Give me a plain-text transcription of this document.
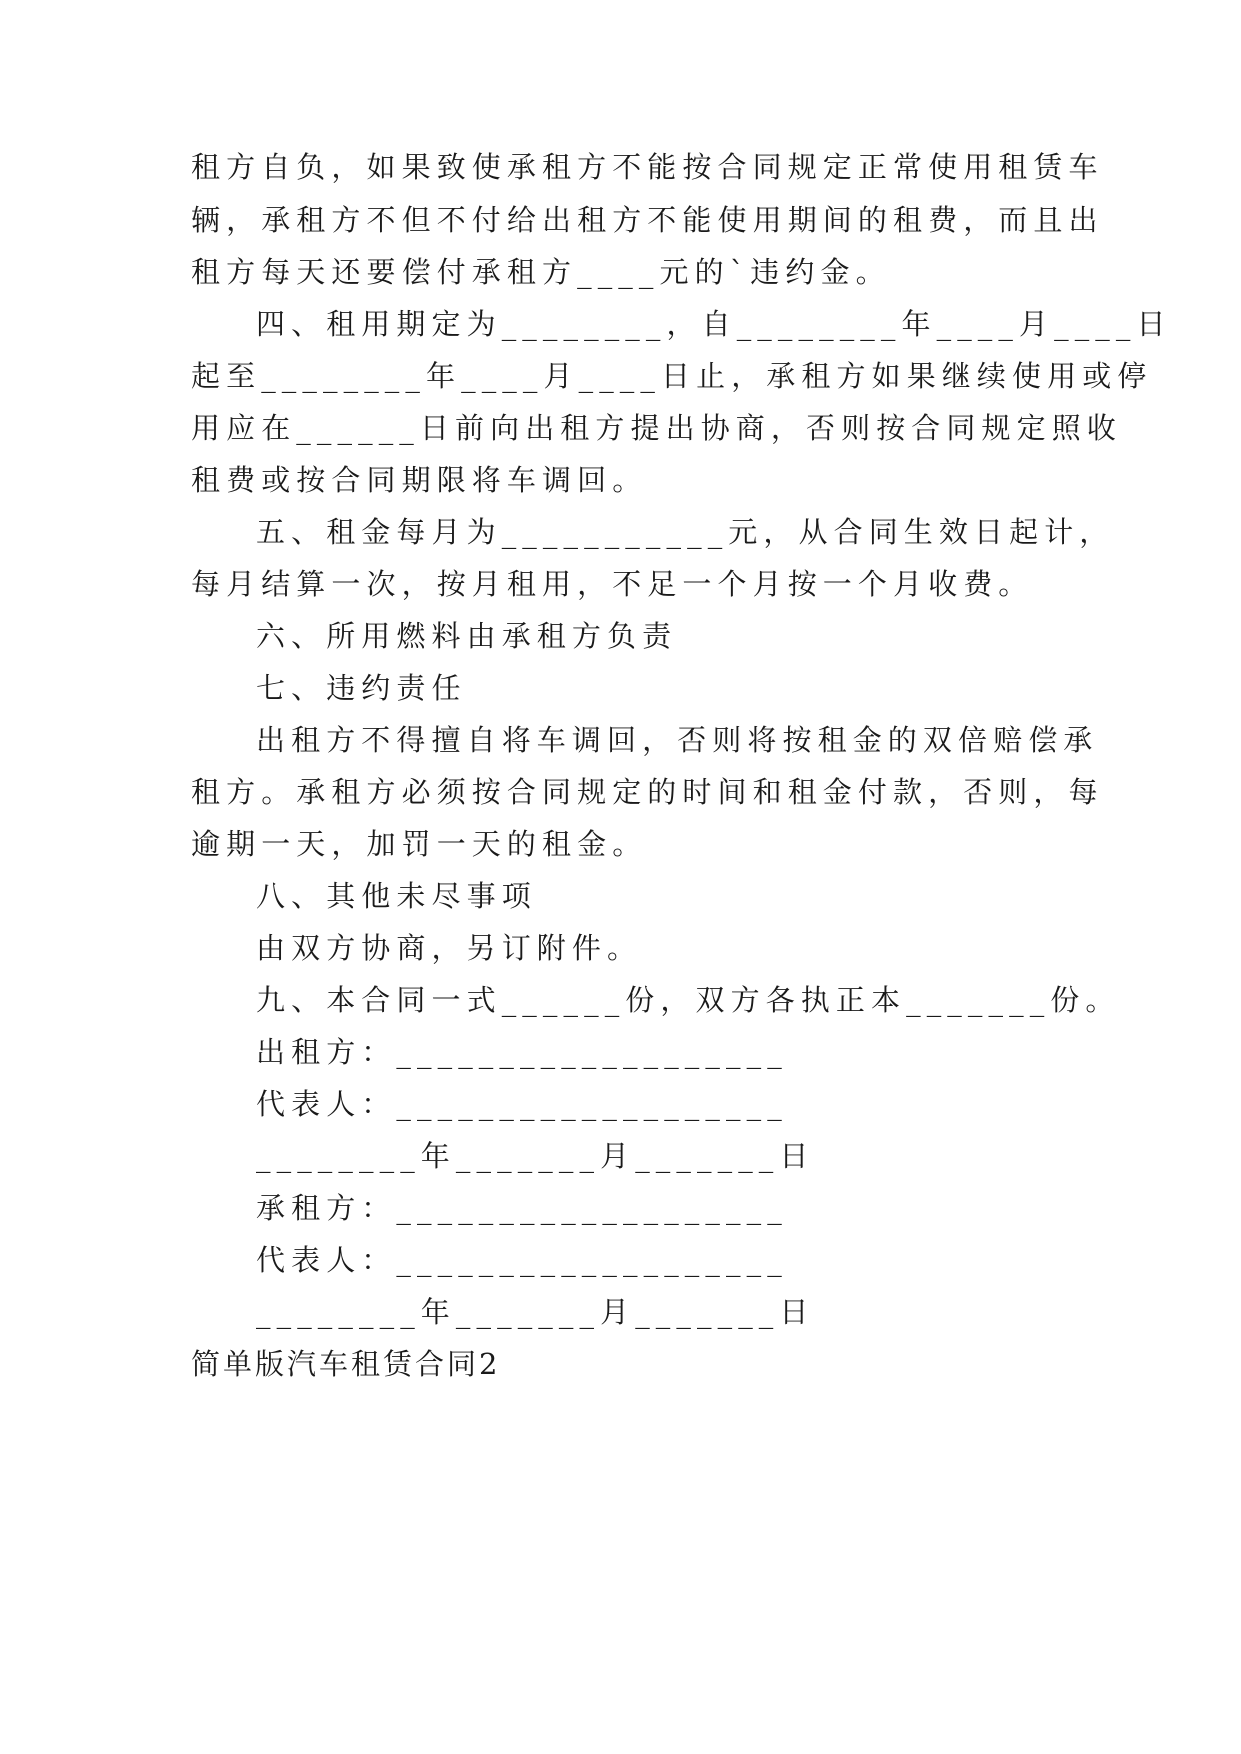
租方自负，如果致使承租方不能按合同规定正常使用租赁车
辆，承租方不但不付给出租方不能使用期间的租费，而且出
租方每天还要偿付承租方____元的`违约金。
四、租用期定为________，自________年____月____日
起至________年____月____日止，承租方如果继续使用或停
用应在______日前向出租方提出协商，否则按合同规定照收
租费或按合同期限将车调回。
五、租金每月为___________元，从合同生效日起计，
每月结算一次，按月租用，不足一个月按一个月收费。
六、所用燃料由承租方负责
七、违约责任
出租方不得擅自将车调回，否则将按租金的双倍赔偿承
租方。承租方必须按合同规定的时间和租金付款，否则，每
逾期一天，加罚一天的租金。
八、其他未尽事项
由双方协商，另订附件。
九、本合同一式______份，双方各执正本_______份。
出租方：___________________
代表人：___________________
________年_______月_______日
承租方：___________________
代表人：___________________
________年_______月_______日
简单版汽车租赁合同2
